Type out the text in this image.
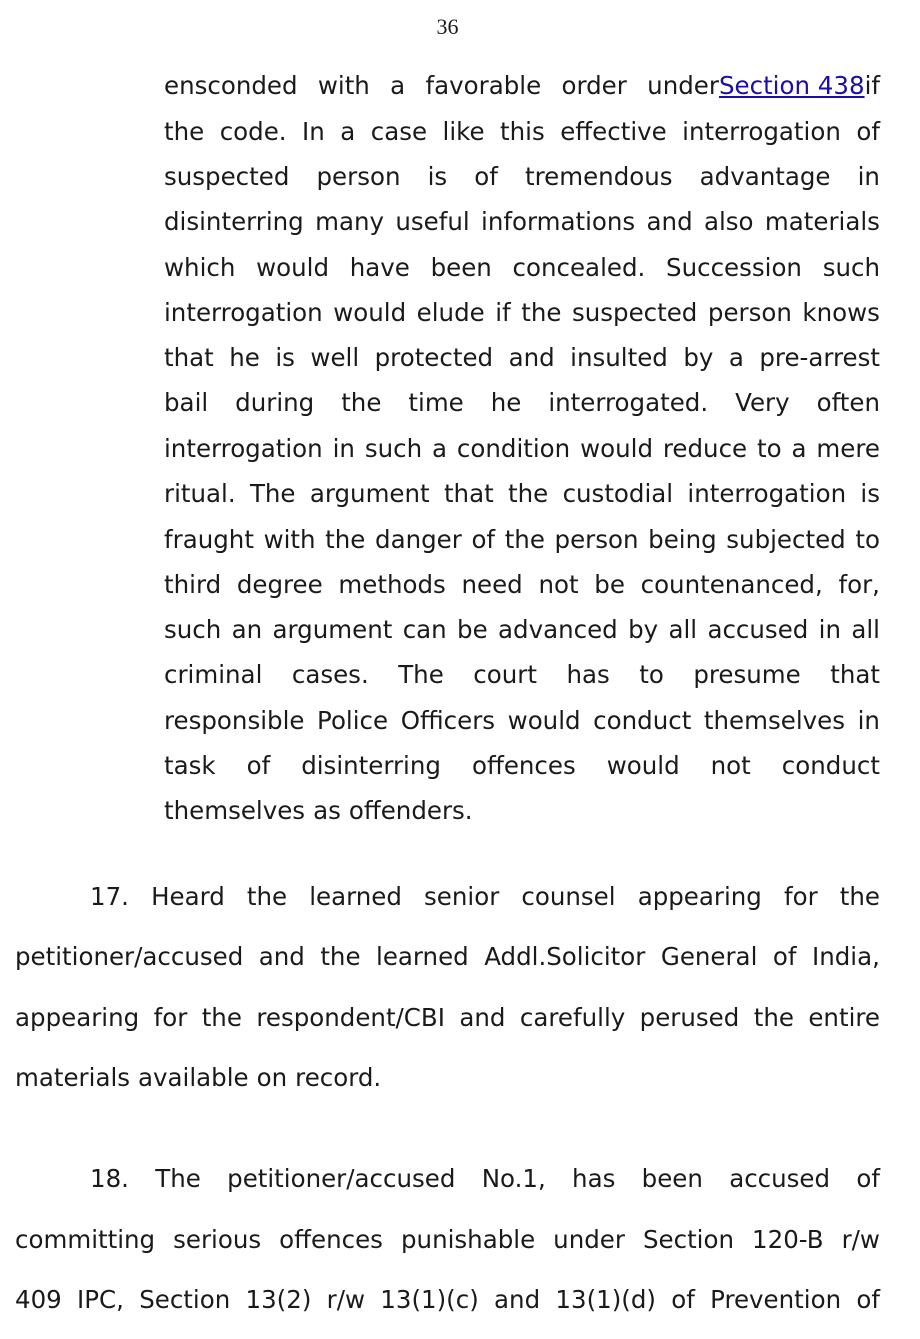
36
ensconded with a favorable order under Section 438 if
the code. In a case like this effective interrogation of
suspected person is of tremendous advantage in
disinterring many useful informations and also materials
which would have been concealed. Succession such
interrogation would elude if the suspected person knows
that he is well protected and insulted by a pre-arrest
bail during the time he interrogated. Very often
interrogation in such a condition would reduce to a mere
ritual. The argument that the custodial interrogation is
fraught with the danger of the person being subjected to
third degree methods need not be countenanced, for,
such an argument can be advanced by all accused in all
criminal cases. The court has to presume that
responsible Police Officers would conduct themselves in
task of disinterring offences would not conduct
themselves as offenders.
17. Heard the learned senior counsel appearing for the
petitioner/accused and the learned Addl.Solicitor General of India,
appearing for the respondent/CBI and carefully perused the entire
materials available on record.
18. The petitioner/accused No.1, has been accused of
committing serious offences punishable under Section 120-B r/w
409 IPC, Section 13(2) r/w 13(1)(c) and 13(1)(d) of Prevention of
